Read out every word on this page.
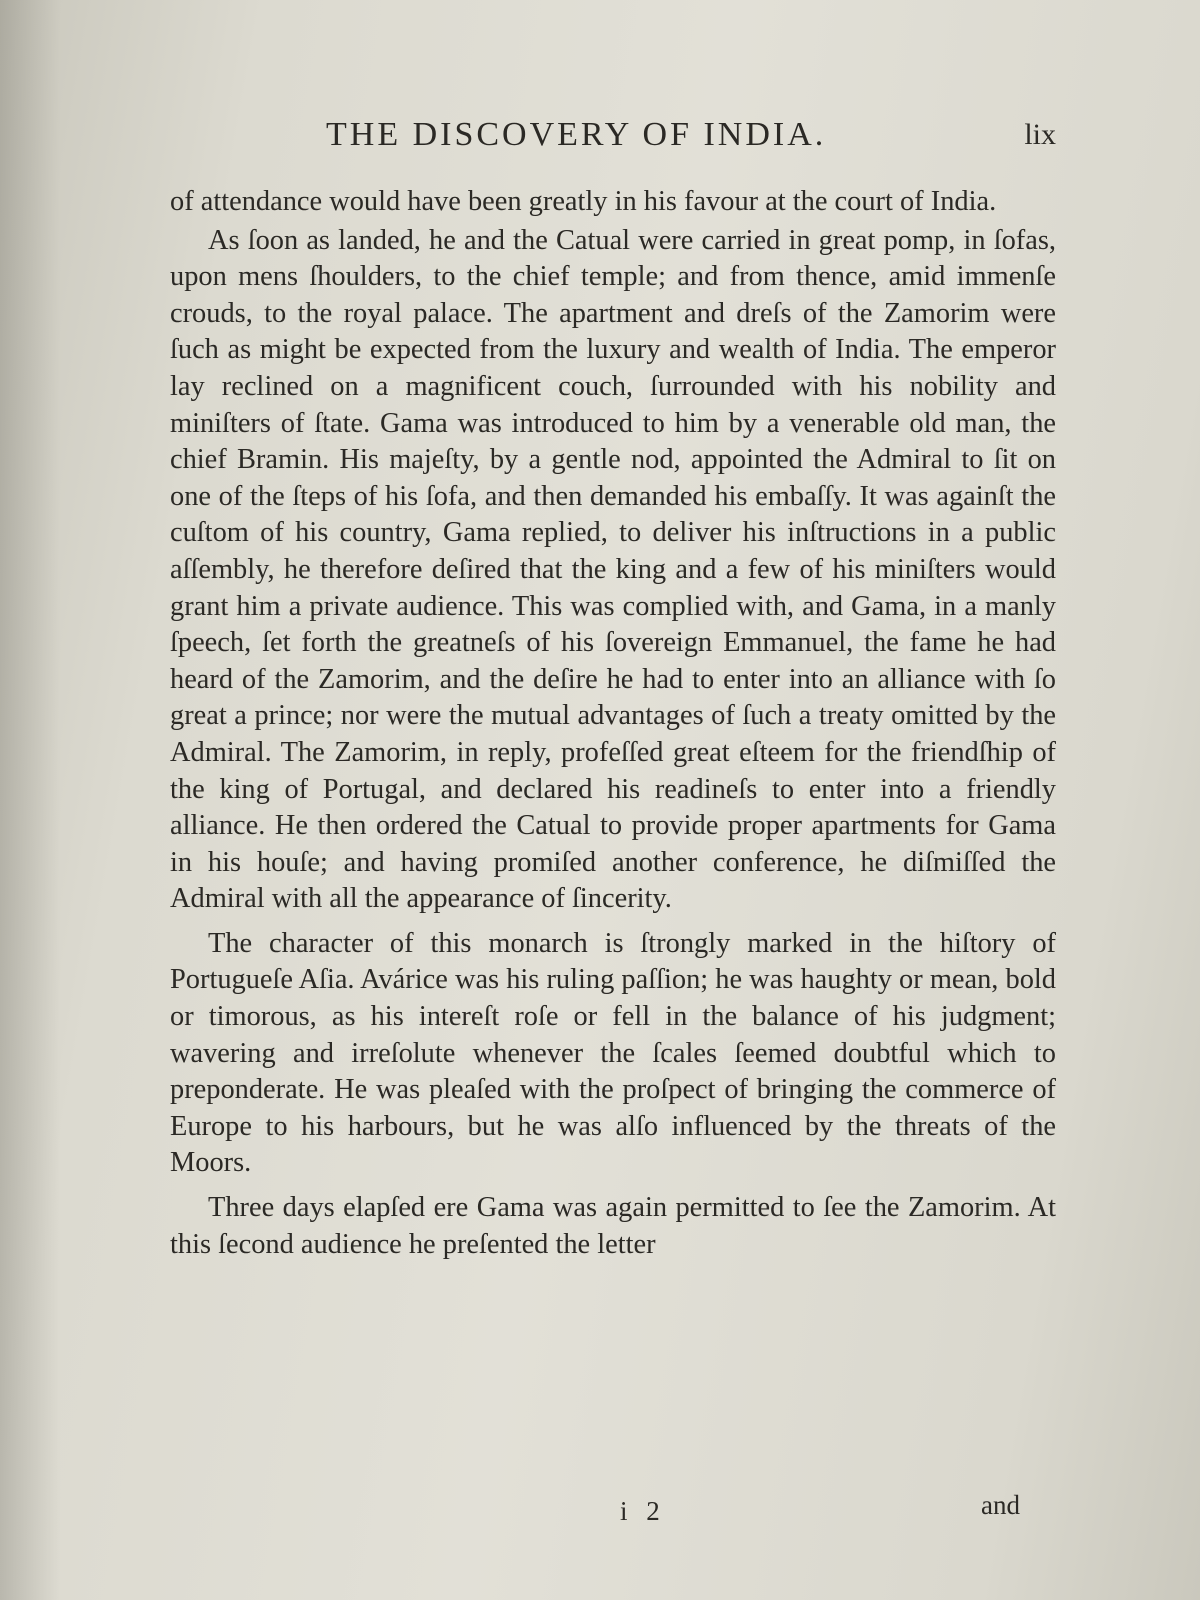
THE DISCOVERY OF INDIA.	lix

of attendance would have been greatly in his favour at the court of India.

As ſoon as landed, he and the Catual were carried in great pomp, in ſofas, upon mens ſhoulders, to the chief temple; and from thence, amid immenſe crouds, to the royal palace. The apartment and dreſs of the Zamorim were ſuch as might be expected from the luxury and wealth of India. The emperor lay reclined on a magnificent couch, ſurrounded with his nobility and miniſters of ſtate. Gama was introduced to him by a venerable old man, the chief Bramin. His majeſty, by a gentle nod, appointed the Admiral to ſit on one of the ſteps of his ſofa, and then demanded his embaſſy. It was againſt the cuſtom of his country, Gama replied, to deliver his inſtructions in a public aſſembly, he therefore deſired that the king and a few of his miniſters would grant him a private audience. This was complied with, and Gama, in a manly ſpeech, ſet forth the greatneſs of his ſovereign Emmanuel, the fame he had heard of the Zamorim, and the deſire he had to enter into an alliance with ſo great a prince; nor were the mutual advantages of ſuch a treaty omitted by the Admiral. The Zamorim, in reply, profeſſed great eſteem for the friendſhip of the king of Portugal, and declared his readineſs to enter into a friendly alliance. He then ordered the Catual to provide proper apartments for Gama in his houſe; and having promiſed another conference, he diſmiſſed the Admiral with all the appearance of ſincerity.

The character of this monarch is ſtrongly marked in the hiſtory of Portugueſe Aſia. Avárice was his ruling paſſion; he was haughty or mean, bold or timorous, as his intereſt roſe or fell in the balance of his judgment; wavering and irreſolute whenever the ſcales ſeemed doubtful which to preponderate. He was pleaſed with the proſpect of bringing the commerce of Europe to his harbours, but he was alſo influenced by the threats of the Moors.

Three days elapſed ere Gama was again permitted to ſee the Zamorim. At this ſecond audience he preſented the letter

i 2	and
